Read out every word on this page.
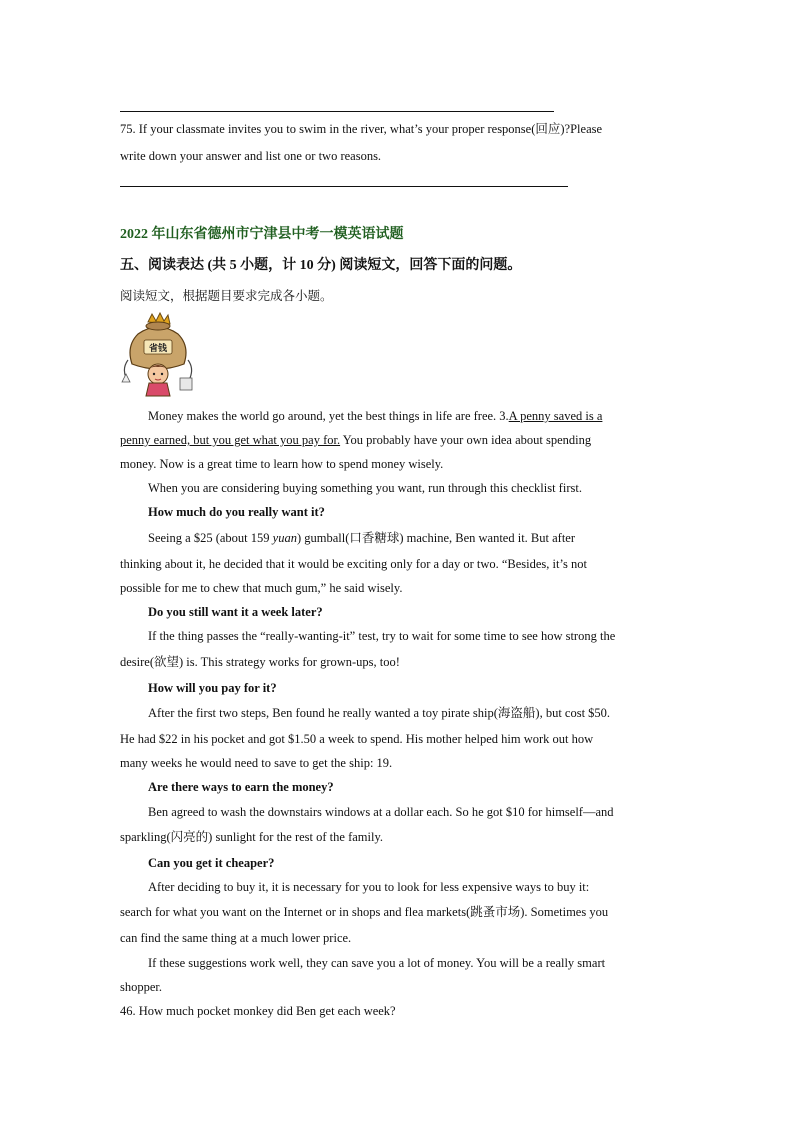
75. If your classmate invites you to swim in the river, what’s your proper response(回应)?Please
write down your answer and list one or two reasons.
2022 年山东省德州市宁津县中考一模英语试题
五、阅读表达 (共 5 小题，计 10 分) 阅读短文，回答下面的问题。
阅读短文，根据题目要求完成各小题。
省钱
Money makes the world go around, yet the best things in life are free. 3.A penny saved is a
penny earned, but you get what you pay for. You probably have your own idea about spending
money. Now is a great time to learn how to spend money wisely.
When you are considering buying something you want, run through this checklist first.
How much do you really want it?
Seeing a $25 (about 159 yuan) gumball(口香糖球) machine, Ben wanted it. But after
thinking about it, he decided that it would be exciting only for a day or two. “Besides, it’s not
possible for me to chew that much gum,” he said wisely.
Do you still want it a week later?
If the thing passes the “really-wanting-it” test, try to wait for some time to see how strong the
desire(欲望) is. This strategy works for grown-ups, too!
How will you pay for it?
After the first two steps, Ben found he really wanted a toy pirate ship(海盗船), but cost $50.
He had $22 in his pocket and got $1.50 a week to spend. His mother helped him work out how
many weeks he would need to save to get the ship: 19.
Are there ways to earn the money?
Ben agreed to wash the downstairs windows at a dollar each. So he got $10 for himself—and
sparkling(闪亮的) sunlight for the rest of the family.
Can you get it cheaper?
After deciding to buy it, it is necessary for you to look for less expensive ways to buy it:
search for what you want on the Internet or in shops and flea markets(跳蚤市场). Sometimes you
can find the same thing at a much lower price.
If these suggestions work well, they can save you a lot of money. You will be a really smart
shopper.
46. How much pocket monkey did Ben get each week?
